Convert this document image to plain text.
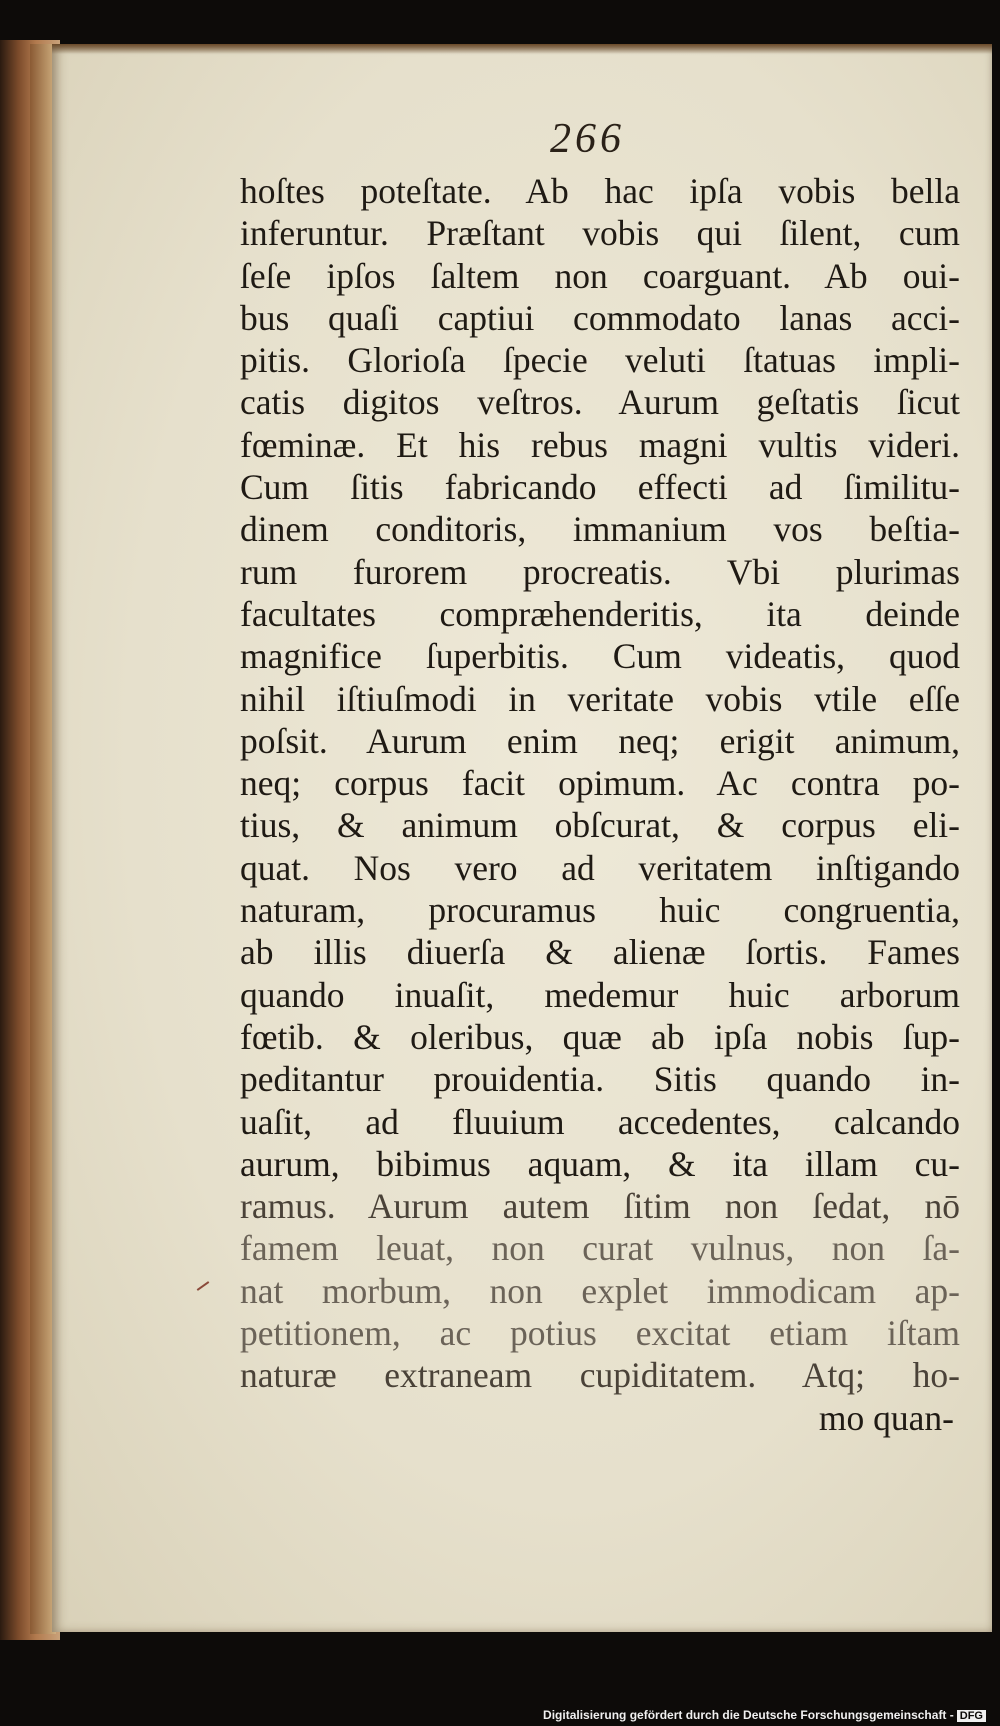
266
hoſtes poteſtate. Ab hac ipſa vobis bella
inferuntur. Præſtant vobis qui ſilent, cum
ſeſe ipſos ſaltem non coarguant. Ab oui-
bus quaſi captiui commodato lanas acci-
pitis. Glorioſa ſpecie veluti ſtatuas impli-
catis digitos veſtros. Aurum geſtatis ſicut
fœminæ. Et his rebus magni vultis videri.
Cum ſitis fabricando effecti ad ſimilitu-
dinem conditoris, immanium vos beſtia-
rum furorem procreatis. Vbi plurimas
facultates compræhenderitis, ita deinde
magnifice ſuperbitis. Cum videatis, quod
nihil iſtiuſmodi in veritate vobis vtile eſſe
poſsit. Aurum enim neq; erigit animum,
neq; corpus facit opimum. Ac contra po-
tius, & animum obſcurat, & corpus eli-
quat. Nos vero ad veritatem inſtigando
naturam, procuramus huic congruentia,
ab illis diuerſa & alienæ ſortis. Fames
quando inuaſit, medemur huic arborum
fœtib. & oleribus, quæ ab ipſa nobis ſup-
peditantur prouidentia. Sitis quando in-
uaſit, ad fluuium accedentes, calcando
aurum, bibimus aquam, & ita illam cu-
ramus. Aurum autem ſitim non ſedat, nō
famem leuat, non curat vulnus, non ſa-
nat morbum, non explet immodicam ap-
petitionem, ac potius excitat etiam iſtam
naturæ extraneam cupiditatem. Atq; ho-
mo quan-
Digitalisierung gefördert durch die Deutsche Forschungsgemeinschaft - DFG
